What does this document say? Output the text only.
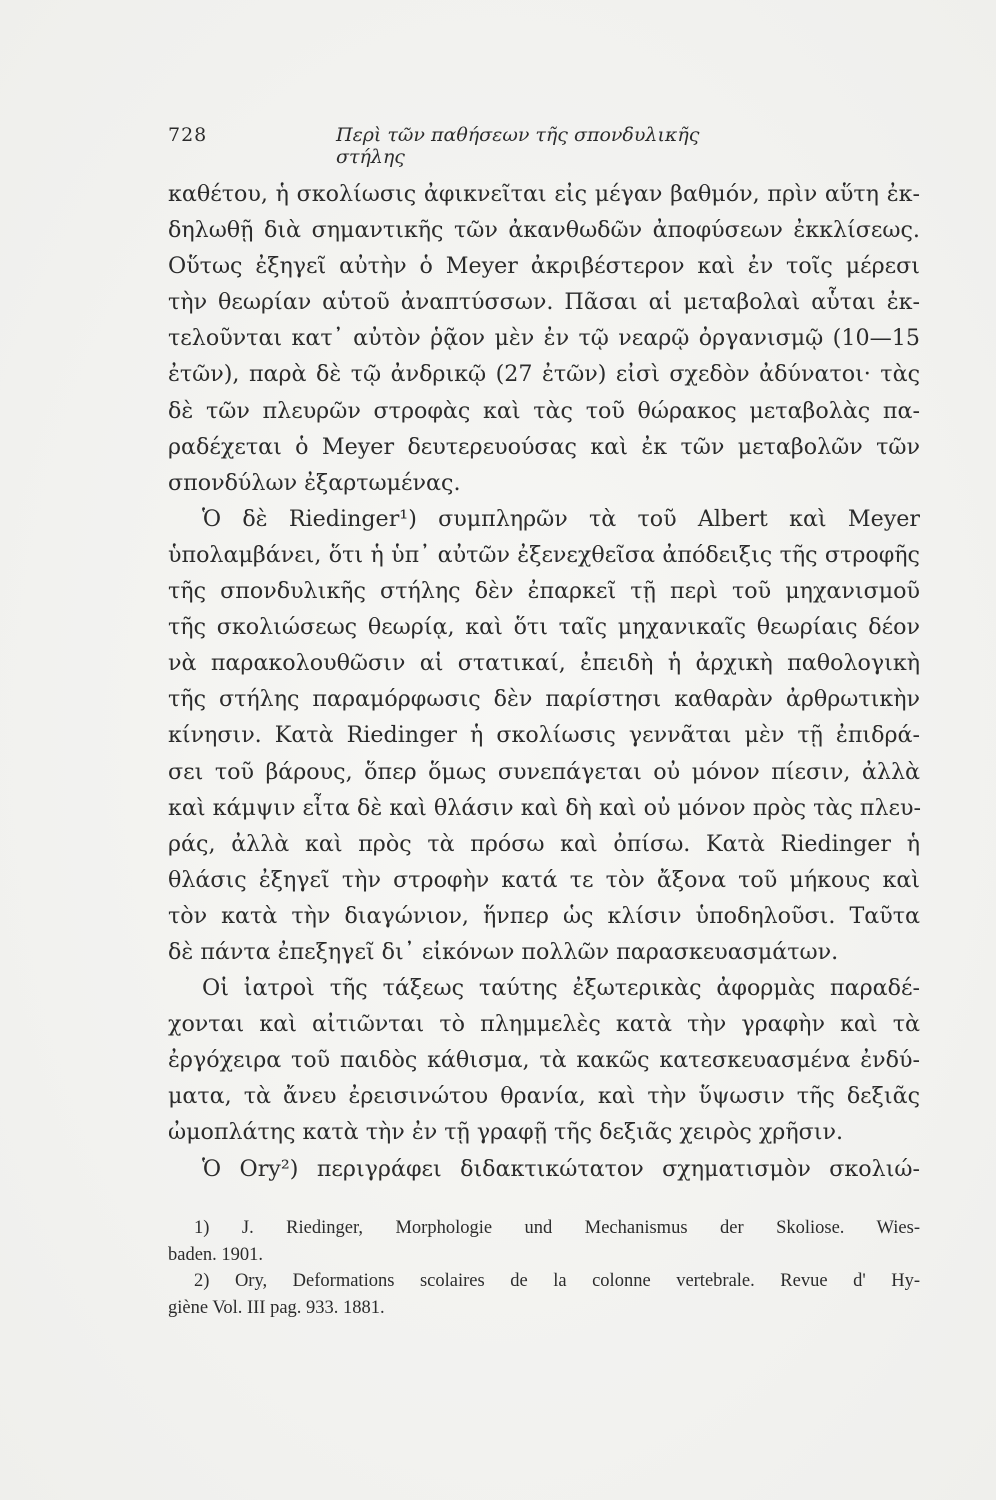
728	Περὶ τῶν παθήσεων τῆς σπονδυλικῆς στήλης
καθέτου, ἡ σκολίωσις ἀφικνεῖται εἰς μέγαν βαθμόν, πρὶν αὕτη ἐκ-
δηλωθῇ διὰ σημαντικῆς τῶν ἀκανθωδῶν ἀποφύσεων ἐκκλίσεως.
Οὕτως ἐξηγεῖ αὐτὴν ὁ Meyer ἀκριβέστερον καὶ ἐν τοῖς μέρεσι
τὴν θεωρίαν αὑτοῦ ἀναπτύσσων. Πᾶσαι αἱ μεταβολαὶ αὗται ἐκ-
τελοῦνται κατ᾽ αὐτὸν ῥᾷον μὲν ἐν τῷ νεαρῷ ὀργανισμῷ (10—15
ἐτῶν), παρὰ δὲ τῷ ἀνδρικῷ (27 ἐτῶν) εἰσὶ σχεδὸν ἀδύνατοι· τὰς
δὲ τῶν πλευρῶν στροφὰς καὶ τὰς τοῦ θώρακος μεταβολὰς πα-
ραδέχεται ὁ Meyer δευτερευούσας καὶ ἐκ τῶν μεταβολῶν τῶν
σπονδύλων ἐξαρτωμένας.
Ὁ δὲ Riedinger¹) συμπληρῶν τὰ τοῦ Albert καὶ Meyer
ὑπολαμβάνει, ὅτι ἡ ὑπ᾽ αὐτῶν ἐξενεχθεῖσα ἀπόδειξις τῆς στροφῆς
τῆς σπονδυλικῆς στήλης δὲν ἐπαρκεῖ τῇ περὶ τοῦ μηχανισμοῦ
τῆς σκολιώσεως θεωρίᾳ, καὶ ὅτι ταῖς μηχανικαῖς θεωρίαις δέον
νὰ παρακολουθῶσιν αἱ στατικαί, ἐπειδὴ ἡ ἀρχικὴ παθολογικὴ
τῆς στήλης παραμόρφωσις δὲν παρίστησι καθαρὰν ἀρθρωτικὴν
κίνησιν. Κατὰ Riedinger ἡ σκολίωσις γεννᾶται μὲν τῇ ἐπιδρά-
σει τοῦ βάρους, ὅπερ ὅμως συνεπάγεται οὐ μόνον πίεσιν, ἀλλὰ
καὶ κάμψιν εἶτα δὲ καὶ θλάσιν καὶ δὴ καὶ οὐ μόνον πρὸς τὰς πλευ-
ράς, ἀλλὰ καὶ πρὸς τὰ πρόσω καὶ ὀπίσω. Κατὰ Riedinger ἡ
θλάσις ἐξηγεῖ τὴν στροφὴν κατά τε τὸν ἄξονα τοῦ μήκους καὶ
τὸν κατὰ τὴν διαγώνιον, ἥνπερ ὡς κλίσιν ὑποδηλοῦσι. Ταῦτα
δὲ πάντα ἐπεξηγεῖ δι᾽ εἰκόνων πολλῶν παρασκευασμάτων.
Οἱ ἰατροὶ τῆς τάξεως ταύτης ἐξωτερικὰς ἀφορμὰς παραδέ-
χονται καὶ αἰτιῶνται τὸ πλημμελὲς κατὰ τὴν γραφὴν καὶ τὰ
ἐργόχειρα τοῦ παιδὸς κάθισμα, τὰ κακῶς κατεσκευασμένα ἐνδύ-
ματα, τὰ ἄνευ ἐρεισινώτου θρανία, καὶ τὴν ὕψωσιν τῆς δεξιᾶς
ὠμοπλάτης κατὰ τὴν ἐν τῇ γραφῇ τῆς δεξιᾶς χειρὸς χρῆσιν.
Ὁ Ory²) περιγράφει διδακτικώτατον σχηματισμὸν σκολιώ-
1) J. Riedinger, Morphologie und Mechanismus der Skoliose. Wies-
baden. 1901.
2) Ory, Deformations scolaires de la colonne vertebrale. Revue d' Hy-
giène Vol. III pag. 933. 1881.
